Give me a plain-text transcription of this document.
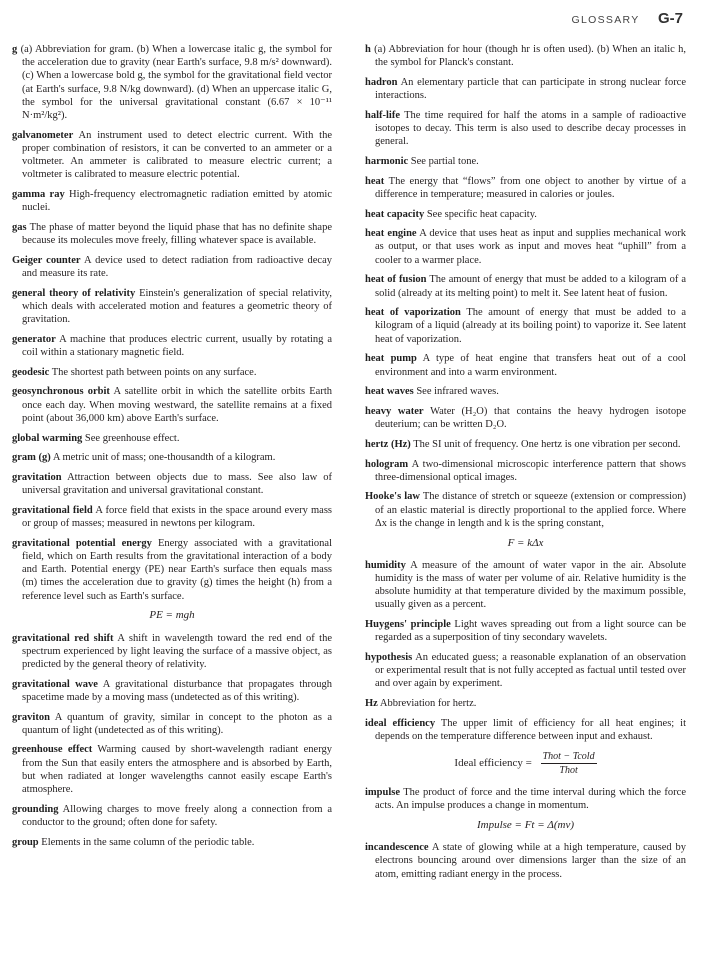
GLOSSARY G-7

g (a) Abbreviation for gram. (b) When a lowercase italic g, the symbol for the acceleration due to gravity (near Earth's surface, 9.8 m/s² downward). (c) When a lowercase bold g, the symbol for the gravitational field vector (at Earth's surface, 9.8 N/kg downward). (d) When an uppercase italic G, the symbol for the universal gravitational constant (6.67 × 10⁻¹¹ N·m²/kg²).

galvanometer An instrument used to detect electric current. With the proper combination of resistors, it can be converted to an ammeter or a voltmeter. An ammeter is calibrated to measure electric current; a voltmeter is calibrated to measure electric potential.

gamma ray High-frequency electromagnetic radiation emitted by atomic nuclei.

gas The phase of matter beyond the liquid phase that has no definite shape because its molecules move freely, filling whatever space is available.

Geiger counter A device used to detect radiation from radioactive decay and measure its rate.

general theory of relativity Einstein's generalization of special relativity, which deals with accelerated motion and features a geometric theory of gravitation.

generator A machine that produces electric current, usually by rotating a coil within a stationary magnetic field.

geodesic The shortest path between points on any surface.

geosynchronous orbit A satellite orbit in which the satellite orbits Earth once each day. When moving westward, the satellite remains at a fixed point (about 36,000 km) above Earth's surface.

global warming See greenhouse effect.

gram (g) A metric unit of mass; one-thousandth of a kilogram.

gravitation Attraction between objects due to mass. See also law of universal gravitation and universal gravitational constant.

gravitational field A force field that exists in the space around every mass or group of masses; measured in newtons per kilogram.

gravitational potential energy Energy associated with a gravitational field, which on Earth results from the gravitational interaction of a body and Earth. Potential energy (PE) near Earth's surface then equals mass (m) times the acceleration due to gravity (g) times the height (h) from a reference level such as Earth's surface.

PE = mgh

gravitational red shift A shift in wavelength toward the red end of the spectrum experienced by light leaving the surface of a massive object, as predicted by the general theory of relativity.

gravitational wave A gravitational disturbance that propagates through spacetime made by a moving mass (undetected as of this writing).

graviton A quantum of gravity, similar in concept to the photon as a quantum of light (undetected as of this writing).

greenhouse effect Warming caused by short-wavelength radiant energy from the Sun that easily enters the atmosphere and is absorbed by Earth, but when radiated at longer wavelengths cannot easily escape Earth's atmosphere.

grounding Allowing charges to move freely along a connection from a conductor to the ground; often done for safety.

group Elements in the same column of the periodic table.

h (a) Abbreviation for hour (though hr is often used). (b) When an italic h, the symbol for Planck's constant.

hadron An elementary particle that can participate in strong nuclear force interactions.

half-life The time required for half the atoms in a sample of radioactive isotopes to decay. This term is also used to describe decay processes in general.

harmonic See partial tone.

heat The energy that “flows” from one object to another by virtue of a difference in temperature; measured in calories or joules.

heat capacity See specific heat capacity.

heat engine A device that uses heat as input and supplies mechanical work as output, or that uses work as input and moves heat “uphill” from a cooler to a warmer place.

heat of fusion The amount of energy that must be added to a kilogram of a solid (already at its melting point) to melt it. See latent heat of fusion.

heat of vaporization The amount of energy that must be added to a kilogram of a liquid (already at its boiling point) to vaporize it. See latent heat of vaporization.

heat pump A type of heat engine that transfers heat out of a cool environment and into a warm environment.

heat waves See infrared waves.

heavy water Water (H₂O) that contains the heavy hydrogen isotope deuterium; can be written D₂O.

hertz (Hz) The SI unit of frequency. One hertz is one vibration per second.

hologram A two-dimensional microscopic interference pattern that shows three-dimensional optical images.

Hooke's law The distance of stretch or squeeze (extension or compression) of an elastic material is directly proportional to the applied force. Where Δx is the change in length and k is the spring constant,

F = kΔx

humidity A measure of the amount of water vapor in the air. Absolute humidity is the mass of water per volume of air. Relative humidity is the absolute humidity at that temperature divided by the maximum possible, usually given as a percent.

Huygens' principle Light waves spreading out from a light source can be regarded as a superposition of tiny secondary wavelets.

hypothesis An educated guess; a reasonable explanation of an observation or experimental result that is not fully accepted as factual until tested over and over again by experiment.

Hz Abbreviation for hertz.

ideal efficiency The upper limit of efficiency for all heat engines; it depends on the temperature difference between input and exhaust.

Ideal efficiency = $\frac{\text{Thot − Tcold}}{\text{Thot}}$

impulse The product of force and the time interval during which the force acts. An impulse produces a change in momentum.

Impulse = Ft = Δ(mv)

incandescence A state of glowing while at a high temperature, caused by electrons bouncing around over dimensions larger than the size of an atom, emitting radiant energy in the process.
